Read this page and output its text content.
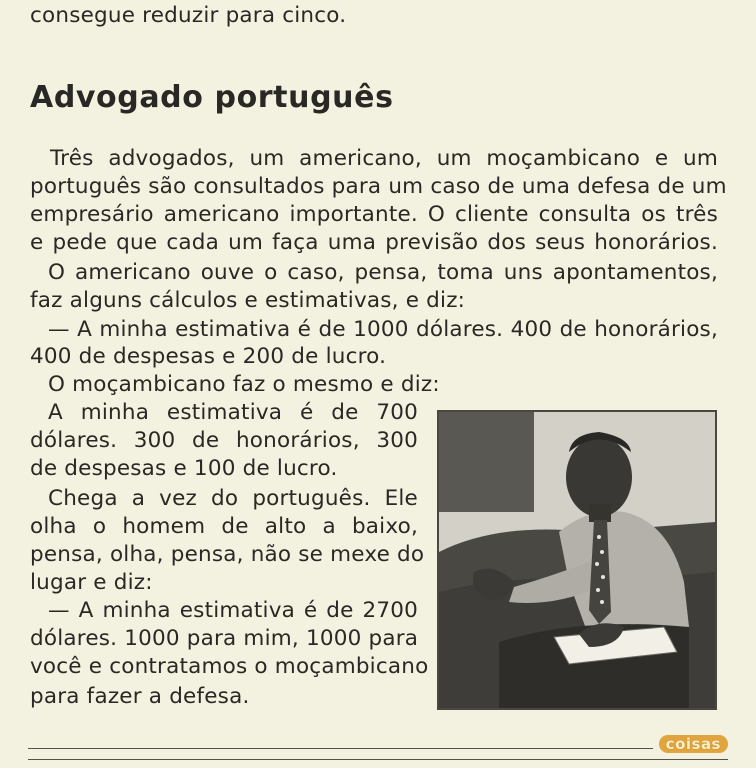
consegue reduzir para cinco.
Advogado português
Três advogados, um americano, um moçambicano e um
português são consultados para um caso de uma defesa de um
empresário americano importante. O cliente consulta os três
e pede que cada um faça uma previsão dos seus honorários.
O americano ouve o caso, pensa, toma uns apontamentos,
faz alguns cálculos e estimativas, e diz:
— A minha estimativa é de 1000 dólares. 400 de honorários,
400 de despesas e 200 de lucro.
O moçambicano faz o mesmo e diz:
A minha estimativa é de 700
dólares. 300 de honorários, 300
de despesas e 100 de lucro.
Chega a vez do português. Ele
olha o homem de alto a baixo,
pensa, olha, pensa, não se mexe do
lugar e diz:
— A minha estimativa é de 2700
dólares. 1000 para mim, 1000 para
você e contratamos o moçambicano
para fazer a defesa.
coisas
